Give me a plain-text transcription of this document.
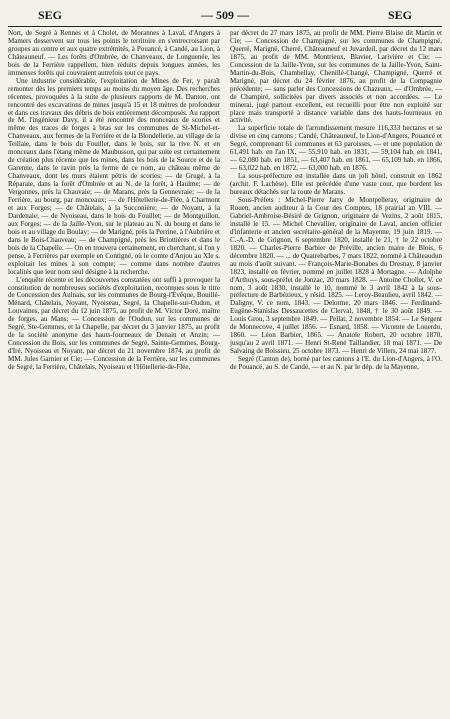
SEG	— 509 —	SEG

Nort, de Segré à Rennes et à Cholet, de Morannes à Laval, d'Angers à Mamers desservent sur tous les points le territoire en s'entrecroisant par groupes au centre et aux quatre extrémités, à Pouancé, à Candé, au Lion, à Châteauneuf. — Les forêts d'Ombrée, de Chanveaux, de Longuenée, les bois de la Ferrière rappellent, bien réduits depuis longues années, les immenses forêts qui couvraient autrefois tout ce pays.

Une industrie considérable, l'exploitation de Mines de Fer, y paraît remonter dès les premiers temps au moins du moyen âge. Des recherches récentes, provoquées à la suite de plusieurs rapports de M. Danton, ont rencontré des excavations de mines jusqu'à 15 et 18 mètres de profondeur et dans ces travaux des débris de bois entièrement décomposés. Au rapport de M. l'ingénieur Davy, il a été rencontré des monceaux de scories et même des traces de forges à bras sur les communes de St-Michel-et-Chanveaux, aux fermes de la Ferrière et de la Blondellerie, au village de la Teillaie, dans le bois du Fouillet, dans le bois, sur la rive N. et en monceaux dans l'étang même de Maubusson, qui par suite est certainement de création plus récente que les mines, dans les bois de la Source et de la Garenne, dans le ravin près la ferme de ce nom, au château même de Chanveaux, dont les murs étaient pétris de scories; — de Grugé, à la Réparaie, dans la forêt d'Ombrée et au N. de la forêt, à Haulme; — de Vergonnes, près la Chauvaie; — de Marans, près la Gennevraie; — de la Ferrière, au bourg, par monceaux; — de l'Hôtellerie-de-Flée, à Charmont et aux Forges; — de Châtelais, à la Succonière; — de Noyant, à la Dardenaie; — de Nyoiseau, dans le bois du Fouillet; — de Montguillon, aux Forges; — de la Jaille-Yvon, sur le plateau au N. du bourg et dans le bois et au village du Boulay; — de Marigné, près la Perrine, à l'Aubrière et dans le Bois-Chauveau; — de Champigné, près les Briottières et dans le bois de la Chapelle. — On en trouvera certainement, en cherchant, si l'on y pense, à Ferrières par exemple en Contigné, où le comte d'Anjou au XIe s. exploitait les mines à son compte; — comme dans nombre d'autres localités que leur nom seul désigne à la recherche.

L'enquête récente et les découvertes constatées ont suffi à provoquer la constitution de nombreuses sociétés d'exploitation, reconnues sous le titre de Concession des Aulnais, sur les communes de Bourg-l'Évêque, Bouillé-Ménard, Châtelais, Noyant, Nyoiseau, Segré, la Chapelle-sur-Oudon, et Louvaines, par décret du 12 juin 1875, au profit de M. Victor Doré, maître de forges, au Mans; — Concession de l'Oudon, sur les communes de Segré, Ste-Gemmes, et la Chapelle, par décret du 3 janvier 1875, au profit de la société anonyme des hauts-fourneaux de Denain et Anzin; — Concession du Bois, sur les communes de Segré, Sainte-Gemmes, Bourg-d'Iré, Nyoiseau et Noyant, par décret du 21 novembre 1874, au profit de MM. Jules Garnier et Cie; — Concession de la Ferrière, sur les communes de Segré, la Ferrière, Châtelais, Nyoiseau et l'Hôtellerie-de-Flée,

par décret du 27 mars 1875, au profit de MM. Pierre Blaise dit Martin et Cie; — Concession de Champigné, sur les communes de Champigné, Querré, Marigné, Cherré, Châteauneuf et Juvardeil, par décret du 12 mars 1875, au profit de MM. Montrieux, Blavier, Larivière et Cie; — Concession de la Jaille-Yvon, sur les communes de la Jaille-Yvon, Saint-Martin-du-Bois, Chambellay, Chenillé-Changé, Champigné, Querré et Marigné, par décret du 24 février 1876, au profit de la Compagnie précédente; — sans parler des Concessions de Chazeaux, — d'Ombrée, — de Champiré, sollicitées par divers associés et non accordées. — Le minerai, jugé partout excellent, est recueilli pour être non exploité sur place mais transporté à distance variable dans des hauts-fourneaux en activité.

La superficie totale de l'arrondissement mesure 116,333 hectares et se divise en cinq cantons : Candé, Châteauneuf, le Lion-d'Angers, Pouancé et Segré, comprenant 61 communes et 63 paroisses, — et une population de 61,491 hab. en l'an IX, — 55,910 hab. en 1831, — 59,104 hab. en 1841, — 62,080 hab. en 1851, — 63,407 hab. en 1861, — 65,109 hab. en 1866, — 63,022 hab. en 1872, — 63,000 hab. en 1876.

La sous-préfecture est installée dans un joli hôtel, construit en 1862 (archit. F. Lachèse). Elle est précédée d'une vaste cour, que bordent les bureaux détachés sur la route de Marans.

Sous-Préfets : Michel-Pierre Jarry de Montpelleray, originaire de Rouen, ancien auditeur à la Cour des Comptes, 18 prairial an VIII. — Gabriel-Ambroise-Bésiré de Grignon, originaire de Vezins, 2 août 1815, installé le 15. — Michel Chevallier, originaire de Laval, ancien officier d'infanterie et ancien secrétaire-général de la Mayenne, 19 juin 1819. — C.-A.-D. de Grignon, 6 septembre 1820, installé le 21, † le 22 octobre 1820. — Charles-Pierre Barbier de Préville, ancien maire de Blois, 6 décembre 1820. — ... de Quatrebarbes, 7 mars 1822, nommé à Châteaudun au mois d'août suivant. — François-Marie-Bonabes du Dresnay, 8 janvier 1823, installé en février, nommé en juillet 1828 à Mortagne. — Adolphe d'Arthuys, sous-préfet de Jonzac, 20 mars 1828. — Antoine Chollet, V. ce nom, 3 août 1830, installé le 10, nommé le 3 avril 1842 à la sous-préfecture de Barbézieux, y résid. 1825. — Leroy-Beaulieu, avril 1842. — Daligny, V. ce nom, 1843. — Delorme, 20 mars 1846. — Ferdinand-Eugène-Stanislas Dessaucettes de Clerval, 1848, † le 30 août 1849. — Louis Grou, 3 septembre 1849. — Pellat, 2 novembre 1854. — Le Sergent de Monnecove, 4 juillet 1856. — Esnard, 1858. — Vicomte de Louerdo, 1860. — Léon Barbier, 1865. — Anatole Robert, 20 octobre 1870, jusqu'au 2 avril 1871. — Henri St-René Taillandier, 18 mai 1871. — De Salvaing de Boissieu, 25 octobre 1873. — Henri de Villers, 24 mai 1877.

Segré (Canton de), borné par les cantons à l'E. du Lion-d'Angers, à l'O. de Pouancé, au S. de Candé, — et au N. par le dép. de la Mayenne,
